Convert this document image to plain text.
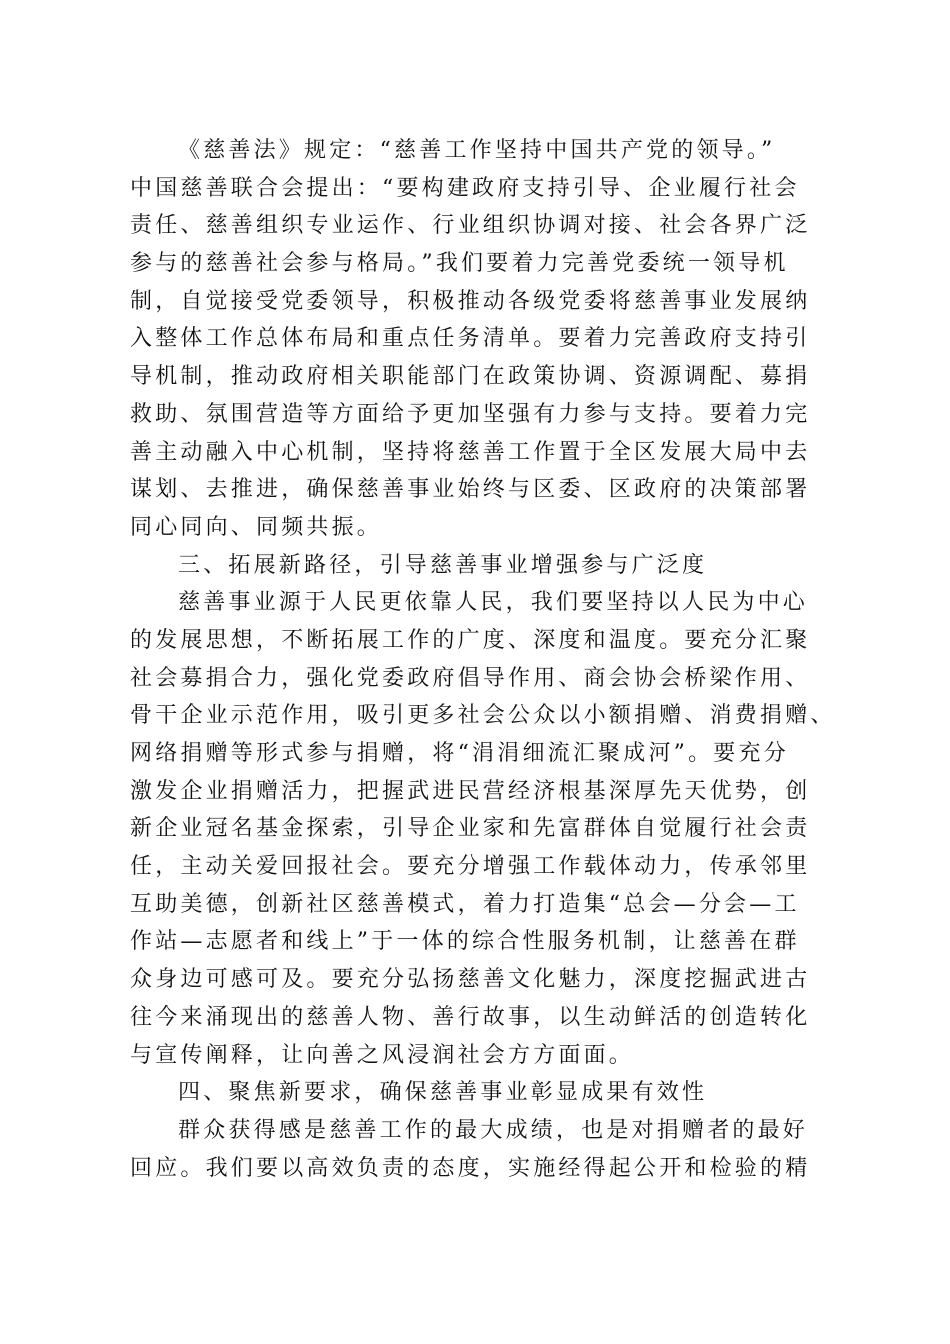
《慈善法》规定：“慈善工作坚持中国共产党的领导。”
中国慈善联合会提出：“要构建政府支持引导、企业履行社会
责任、慈善组织专业运作、行业组织协调对接、社会各界广泛
参与的慈善社会参与格局。”我们要着力完善党委统一领导机
制，自觉接受党委领导，积极推动各级党委将慈善事业发展纳
入整体工作总体布局和重点任务清单。要着力完善政府支持引
导机制，推动政府相关职能部门在政策协调、资源调配、募捐
救助、氛围营造等方面给予更加坚强有力参与支持。要着力完
善主动融入中心机制，坚持将慈善工作置于全区发展大局中去
谋划、去推进，确保慈善事业始终与区委、区政府的决策部署
同心同向、同频共振。
三、拓展新路径，引导慈善事业增强参与广泛度
慈善事业源于人民更依靠人民，我们要坚持以人民为中心
的发展思想，不断拓展工作的广度、深度和温度。要充分汇聚
社会募捐合力，强化党委政府倡导作用、商会协会桥梁作用、
骨干企业示范作用，吸引更多社会公众以小额捐赠、消费捐赠、
网络捐赠等形式参与捐赠，将“涓涓细流汇聚成河”。要充分
激发企业捐赠活力，把握武进民营经济根基深厚先天优势，创
新企业冠名基金探索，引导企业家和先富群体自觉履行社会责
任，主动关爱回报社会。要充分增强工作载体动力，传承邻里
互助美德，创新社区慈善模式，着力打造集“总会—分会—工
作站—志愿者和线上”于一体的综合性服务机制，让慈善在群
众身边可感可及。要充分弘扬慈善文化魅力，深度挖掘武进古
往今来涌现出的慈善人物、善行故事，以生动鲜活的创造转化
与宣传阐释，让向善之风浸润社会方方面面。
四、聚焦新要求，确保慈善事业彰显成果有效性
群众获得感是慈善工作的最大成绩，也是对捐赠者的最好
回应。我们要以高效负责的态度，实施经得起公开和检验的精
